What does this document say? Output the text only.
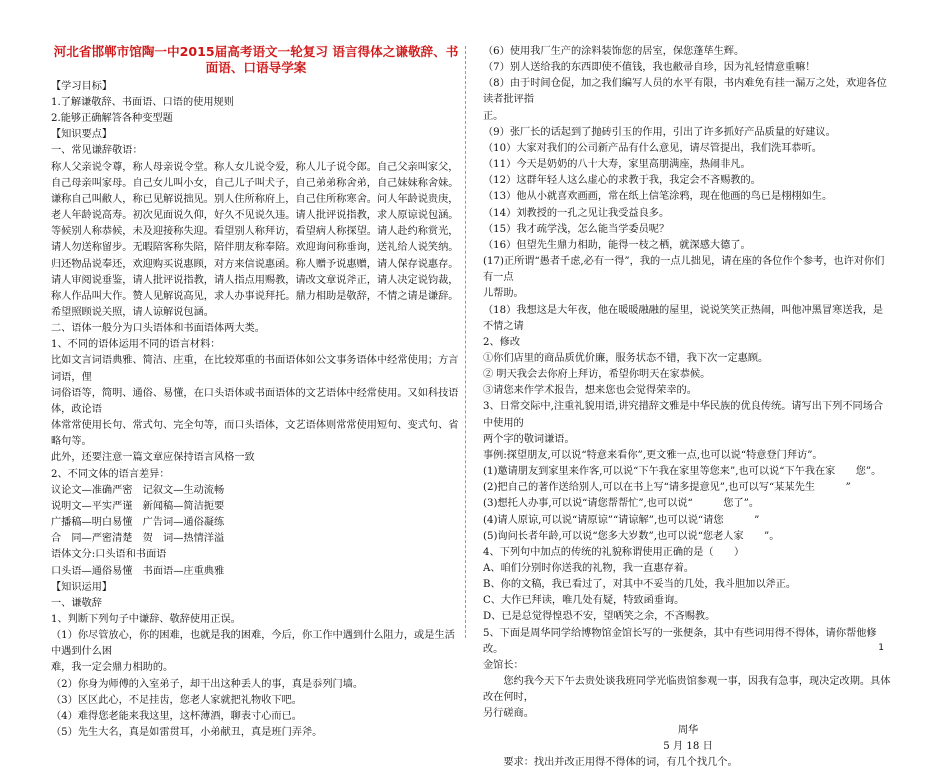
河北省邯郸市馆陶一中2015届高考语文一轮复习 语言得体之谦敬辞、书面语、口语导学案
【学习目标】
1.了解谦敬辞、书面语、口语的使用规则
2.能够正确解答各种变型题
【知识要点】
一、常见谦辞敬语：
称人父亲说令尊，称人母亲说令堂。称人女儿说令爱，称人儿子说令郎。自己父亲叫家父，
自己母亲叫家母。自己女儿叫小女，自己儿子叫犬子，自己弟弟称舍弟，自己妹妹称舍妹。
谦称自己叫敝人，称已见解说拙见。别人住所称府上，自己住所称寒舍。问人年龄说贵庚，
老人年龄说高寿。初次见面说久仰，好久不见说久违。请人批评说指教，求人原谅说包涵。
等候别人称恭候，未及迎接称失迎。看望别人称拜访，看望病人称探望。请人赴约称赏光，
请人勿送称留步。无暇陪客称失陪，陪伴朋友称奉陪。欢迎询问称垂询，送礼给人说笑纳。
归还物品说奉还，欢迎购买说惠顾，对方来信说惠函。称人赠予说惠赠，请人保存说惠存。
请人审阅说垂鉴，请人批评说指教，请人指点用赐教，请改文章说斧正，请人决定说钧裁，
称人作品叫大作。赞人见解说高见，求人办事说拜托。鼎力相助是敬辞，不情之请是谦辞。
希望照顾说关照，请人谅解说包涵。
二、语体一般分为口头语体和书面语体两大类。
1、不同的语体运用不同的语言材料：
比如文言词语典雅、简洁、庄重，在比较郑重的书面语体如公文事务语体中经常使用；方言词语，俚
词俗语等，简明、通俗、易懂，在口头语体或书面语体的文艺语体中经常使用。又如科技语体，政论语
体常常使用长句、常式句、完全句等，而口头语体，文艺语体则常常使用短句、变式句、省略句等。
此外，还要注意一篇文章应保持语言风格一致
2、不同文体的语言差异：
议论文—准确严密　记叙文—生动流畅
说明文—平实严谨　新闻稿—简洁扼要
广播稿—明白易懂　广告词—通俗凝练
合　同—严密清楚　贺　词—热情洋溢
语体文分:口头语和书面语
口头语—通俗易懂　书面语—庄重典雅
【知识运用】
一、谦敬辞
1、判断下列句子中谦辞、敬辞使用正误。
（1）你尽管放心，你的困难，也就是我的困难，今后，你工作中遇到什么阻力，或是生活中遇到什么困
难，我一定会鼎力相助的。
（2）你身为师傅的入室弟子，却干出这种丢人的事，真是忝列门墙。
（3）区区此心，不足挂齿，您老人家就把礼物收下吧。
（4）难得您老能来我这里，这杯薄酒，聊表寸心而已。
（5）先生大名，真是如雷贯耳，小弟献丑，真是班门弄斧。
（6）使用我厂生产的涂料装饰您的居室，保您蓬荜生辉。
（7）别人送给我的东西即使不值钱，我也敝帚自珍，因为礼轻情意重嘛！
（8）由于时间仓促，加之我们编写人员的水平有限，书内难免有挂一漏万之处，欢迎各位读者批评指
正。
（9）张厂长的话起到了抛砖引玉的作用，引出了许多抓好产品质量的好建议。
（10）大家对我们的公司新产品有什么意见，请尽管提出，我们洗耳恭听。
（11）今天是奶奶的八十大寿，家里高朋满座，热闹非凡。
（12）这群年轻人这么虚心的求教于我，我定会不吝赐教的。
（13）他从小就喜欢画画，常在纸上信笔涂鸦，现在他画的鸟已是栩栩如生。
（14）刘教授的一孔之见让我受益良多。
（15）我才疏学浅，怎么能当学委员呢？
（16）但望先生鼎力相助，能得一枝之栖，就深感大德了。
(17)正所谓“愚者千虑,必有一得”，我的一点儿拙见，请在座的各位作个参考，也许对你们有一点
儿帮助。
（18）我想这是大年夜，他在暖暖融融的屋里，说说笑笑正热闹，叫他冲黑冒寒送我，是不情之请
2、修改
①你们店里的商品质优价廉，服务状态不错，我下次一定惠顾。
② 明天我会去你府上拜访，希望你明天在家恭候。
③请您来作学术报告，想来您也会觉得荣幸的。
3、日常交际中,注重礼貌用语,讲究措辞文雅是中华民族的优良传统。请写出下列不同场合中使用的
两个字的敬词谦语。
事例:探望朋友,可以说“特意来看你”,更文雅一点,也可以说“特意登门拜访”。
(1)邀请朋友到家里来作客,可以说“下午我在家里等您来”,也可以说“下午我在家　　您”。
(2)把自己的著作送给别人,可以在书上写“请多提意见”,也可以写“某某先生　　　”
(3)想托人办事,可以说“请您帮帮忙”,也可以说“　　　您了”。
(4)请人原谅,可以说“请原谅”“请谅解”,也可以说“请您　　　”
(5)询问长者年龄,可以说“您多大岁数”,也可以说“您老人家　　”。
4、下列句中加点的传统的礼貌称谓使用正确的是（　　）
A、咱们分别时你送我的礼物，我一直惠存着。
B、你的文稿，我已看过了，对其中不妥当的几处，我斗胆加以斧正。
C、大作已拜读，唯几处有疑，特致函垂询。
D、已是总觉得惶恐不安，望哂笑之余，不吝赐教。
5、下面是周华同学给博物馆金馆长写的一张便条，其中有些词用得不得体，请你帮他修改。
金馆长：
　　您约我今天下午去贵处谈我班同学光临贵馆参观一事，因我有急事，现决定改期。具体改在何时，
另行磋商。
周华
5 月 18 日
　　要求：找出并改正用得不得体的词，有几个找几个。
1
